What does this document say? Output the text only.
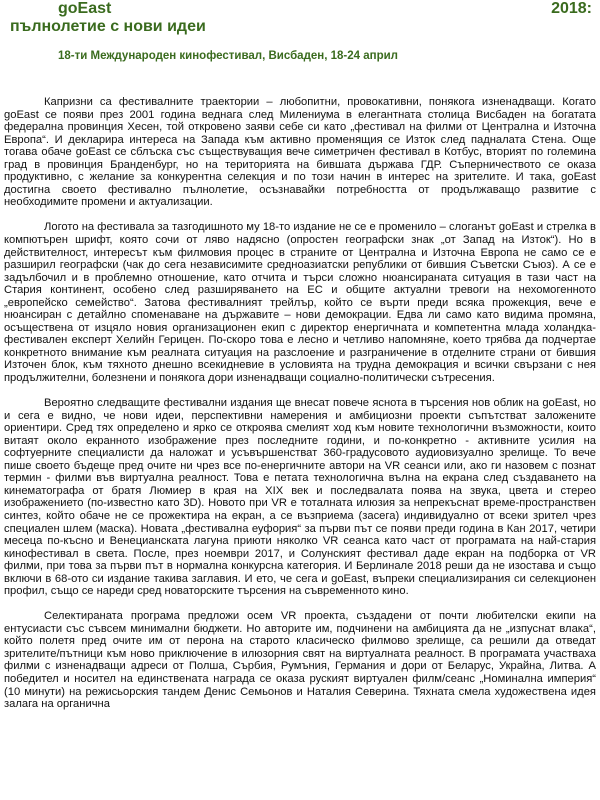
goEast	2018:
пълнолетие с нови идеи
18-ти Международен кинофестивал, Висбаден, 18-24 април

Капризни са фестивалните траектории – любопитни, провокативни, понякога изненадващи. Когато goEast се появи през 2001 година веднага след Милениума в елегантната столица Висбаден на богатата федерална провинция Хесен, той откровено заяви себе си като „фестивал на филми от Централна и Източна Европа“. И декларира интереса на Запада към активно променящия се Изток след падналата Стена. Още тогава обаче goEast се сблъска със съществуващия вече симетричен фестивал в Котбус, вторият по големина град в провинция Бранденбург, но на територията на бившата държава ГДР. Съперничеството се оказа продуктивно, с желание за конкурентна селекция и по този начин в интерес на зрителите. И така, goEast достигна своето фестивално пълнолетие, осъзнавайки потребността от продължаващо развитие с необходимите промени и актуализации.

Логото на фестивала за тазгодишното му 18-то издание не се е променило – слоганът goEast и стрелка в компютърен шрифт, която сочи от ляво надясно (опростен географски знак „от Запад на Изток“). Но в действителност, интересът към филмовия процес в страните от Централна и Източна Европа не само се е разширил географски (чак до сега независимите средноазиатски републики от бившия Съветски Съюз). А се е задълбочил и в проблемно отношение, като отчита и търси сложно нюансираната ситуация в тази част на Стария континент, особено след разширяването на ЕС и общите актуални тревоги на нехомогенното „европейско семейство“. Затова фестивалният трейлър, който се върти преди всяка прожекция, вече е нюансиран с детайлно споменаване на държавите – нови демокрации. Едва ли само като видима промяна, осъществена от изцяло новия организационен екип с директор енергичната и компетентна млада холандка-фестивален експерт Хелийн Герицен. По-скоро това е лесно и четливо напомняне, което трябва да подчертае конкретното внимание към реалната ситуация на разслоение и разграничение в отделните страни от бившия Източен блок, към тяхното днешно всекидневие в условията на трудна демокрация и всички свързани с нея продължителни, болезнени и понякога дори изненадващи социално-политически сътресения.

Вероятно следващите фестивални издания ще внесат повече яснота в търсения нов облик на goEast, но и сега е видно, че нови идеи, перспективни намерения и амбициозни проекти съпътстват заложените ориентири. Сред тях определено и ярко се откроява смелият ход към новите технологични възможности, които витаят около екранното изображение през последните години, и по-конкретно - активните усилия на софтуерните специалисти да наложат и усъвършенстват 360-градусовото аудиовизуално зрелище. То вече пише своето бъдеще пред очите ни чрез все по-енергичните автори на VR сеанси или, ако ги назовем с познат термин - филми във виртуална реалност. Това е петата технологична вълна на екрана след създаването на кинематографа от братя Люмиер в края на XIX век и последвалата поява на звука, цвета и стерео изображението (по-известно като 3D). Новото при VR е тоталната илюзия за непрекъснат време-пространствен синтез, който обаче не се прожектира на екран, а се възприема (засега) индивидуално от всеки зрител чрез специален шлем (маска). Новата „фестивална еуфория“ за първи път се появи преди година в Кан 2017, четири месеца по-късно и Венецианската лагуна приюти няколко VR сеанса като част от програмата на най-стария кинофестивал в света. После, през ноември 2017, и Солунският фестивал даде екран на подборка от VR филми, при това за първи път в нормална конкурсна категория. И Берлинале 2018 реши да не изостава и също включи в 68-ото си издание такива заглавия. И ето, че сега и goEast, въпреки специализирания си селекционен профил, също се нареди сред новаторските търсения на съвременното кино.

Селектираната програма предложи осем VR проекта, създадени от почти любителски екипи на ентусиасти със съвсем минимални бюджети. Но авторите им, подчинени на амбицията да не „изпуснат влака“, който полетя пред очите им от перона на старото класическо филмово зрелище, са решили да отведат зрителите/пътници към ново приключение в илюзорния свят на виртуалната реалност. В програмата участваха филми с изненадващи адреси от Полша, Сърбия, Румъния, Германия и дори от Беларус, Украйна, Литва. А победител и носител на единствената награда се оказа руският виртуален филм/сеанс „Номинална империя“ (10 минути) на режисьорския тандем Денис Семьонов и Наталия Северина. Тяхната смела художествена идея залага на органична
